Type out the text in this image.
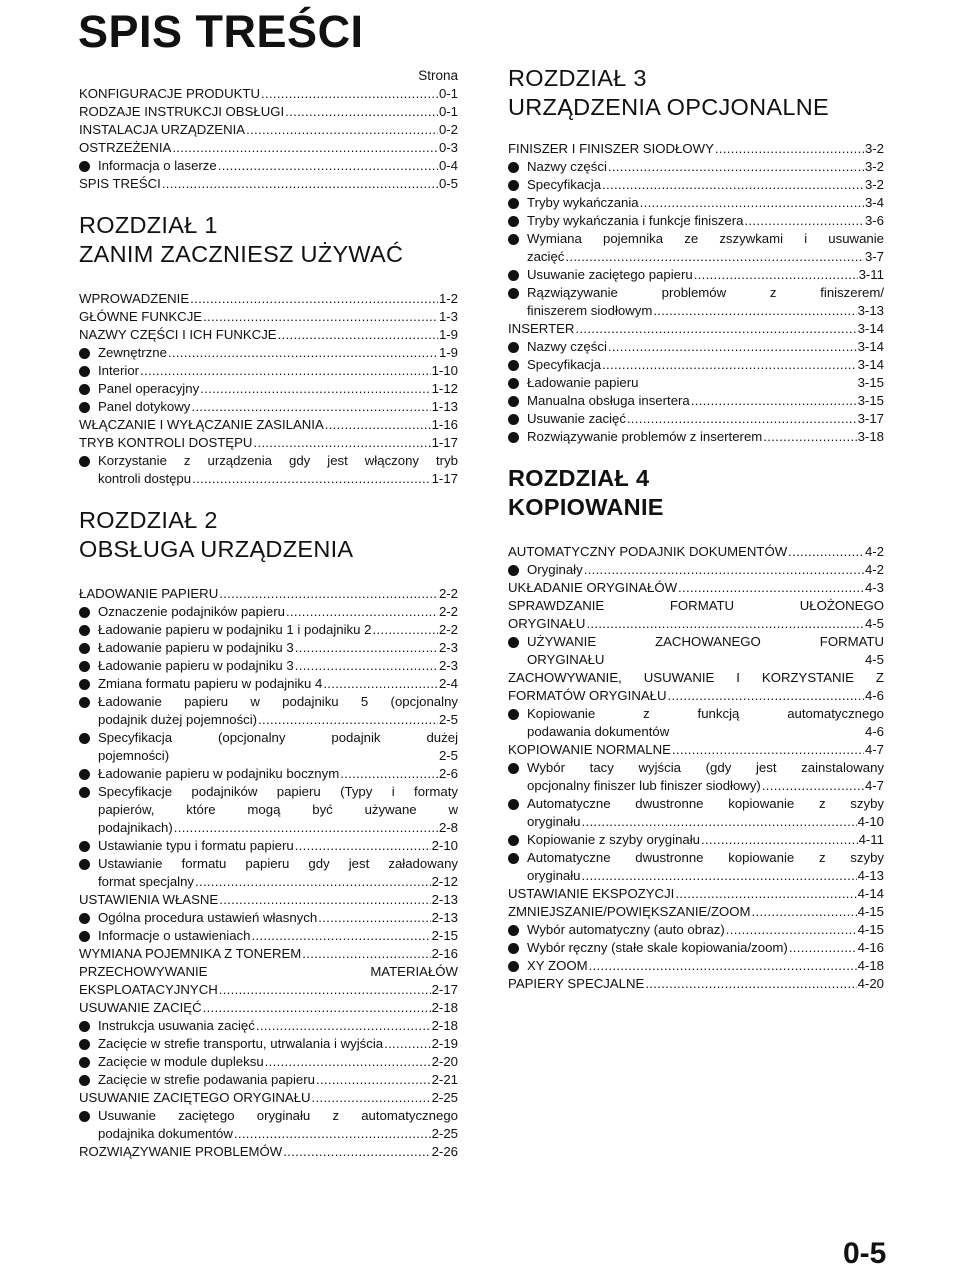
SPIS TREŚCI
Strona
KONFIGURACJE PRODUKTU .....	0-1
RODZAJE INSTRUKCJI OBSŁUGI .....	0-1
INSTALACJA URZĄDZENIA .....	0-2
OSTRZEŻENIA .....	0-3
Informacja o laserze .....	0-4
SPIS TREŚCI .....	0-5
ROZDZIAŁ 1
ZANIM ZACZNIESZ UŻYWAĆ
WPROWADZENIE .....	1-2
GŁÓWNE FUNKCJE .....	1-3
NAZWY CZĘŚCI I ICH FUNKCJE .....	1-9
Zewnętrzne .....	1-9
Interior .....	1-10
Panel operacyjny .....	1-12
Panel dotykowy .....	1-13
WŁĄCZANIE I WYŁĄCZANIE ZASILANIA .....	1-16
TRYB KONTROLI DOSTĘPU .....	1-17
Korzystanie z urządzenia gdy jest włączony tryb
kontroli dostępu .....	1-17
ROZDZIAŁ 2
OBSŁUGA URZĄDZENIA
ŁADOWANIE PAPIERU .....	2-2
Oznaczenie podajników papieru .....	2-2
Ładowanie papieru w podajniku 1 i podajniku 2 .....	2-2
Ładowanie papieru w podajniku 3 .....	2-3
Ładowanie papieru w podajniku 3 .....	2-3
Zmiana formatu papieru w podajniku 4 .....	2-4
Ładowanie papieru w podajniku 5 (opcjonalny
podajnik dużej pojemności) .....	2-5
Specyfikacja (opcjonalny podajnik dużej
pojemności)	2-5
Ładowanie papieru w podajniku bocznym .....	2-6
Specyfikacje podajników papieru (Typy i formaty
papierów, które mogą być używane w
podajnikach) .....	2-8
Ustawianie typu i formatu papieru .....	2-10
Ustawianie formatu papieru gdy jest załadowany
format specjalny .....	2-12
USTAWIENIA WŁASNE .....	2-13
Ogólna procedura ustawień własnych .....	2-13
Informacje o ustawieniach .....	2-15
WYMIANA POJEMNIKA Z TONEREM .....	2-16
PRZECHOWYWANIE MATERIAŁÓW
EKSPLOATACYJNYCH .....	2-17
USUWANIE ZACIĘĆ .....	2-18
Instrukcja usuwania zacięć .....	2-18
Zacięcie w strefie transportu, utrwalania i wyjścia .....	2-19
Zacięcie w module dupleksu .....	2-20
Zacięcie w strefie podawania papieru .....	2-21
USUWANIE ZACIĘTEGO ORYGINAŁU .....	2-25
Usuwanie zaciętego oryginału z automatycznego
podajnika dokumentów .....	2-25
ROZWIĄZYWANIE PROBLEMÓW .....	2-26
ROZDZIAŁ 3
URZĄDZENIA OPCJONALNE
FINISZER I FINISZER SIODŁOWY .....	3-2
Nazwy części .....	3-2
Specyfikacja .....	3-2
Tryby wykańczania .....	3-4
Tryby wykańczania i funkcje finiszera .....	3-6
Wymiana pojemnika ze zszywkami i usuwanie
zacięć .....	3-7
Usuwanie zaciętego papieru .....	3-11
Rązwiązywanie problemów z finiszerem/
finiszerem siodłowym .....	3-13
INSERTER .....	3-14
Nazwy części .....	3-14
Specyfikacja .....	3-14
Ładowanie papieru	3-15
Manualna obsługa insertera .....	3-15
Usuwanie zacięć .....	3-17
Rozwiązywanie problemów z inserterem .....	3-18
ROZDZIAŁ 4
KOPIOWANIE
AUTOMATYCZNY PODAJNIK DOKUMENTÓW .....	4-2
Oryginały .....	4-2
UKŁADANIE ORYGINAŁÓW .....	4-3
SPRAWDZANIE FORMATU UŁOŻONEGO
ORYGINAŁU .....	4-5
UŻYWANIE ZACHOWANEGO FORMATU
ORYGINAŁU	4-5
ZACHOWYWANIE, USUWANIE I KORZYSTANIE Z
FORMATÓW ORYGINAŁU .....	4-6
Kopiowanie z funkcją automatycznego
podawania dokumentów	4-6
KOPIOWANIE NORMALNE .....	4-7
Wybór tacy wyjścia (gdy jest zainstalowany
opcjonalny finiszer lub finiszer siodłowy) .....	4-7
Automatyczne dwustronne kopiowanie z szyby
oryginału .....	4-10
Kopiowanie z szyby oryginału .....	4-11
Automatyczne dwustronne kopiowanie z szyby
oryginału .....	4-13
USTAWIANIE EKSPOZYCJI .....	4-14
ZMNIEJSZANIE/POWIĘKSZANIE/ZOOM .....	4-15
Wybór automatyczny (auto obraz) .....	4-15
Wybór ręczny (stałe skale kopiowania/zoom) .....	4-16
XY ZOOM .....	4-18
PAPIERY SPECJALNE .....	4-20
0-5
